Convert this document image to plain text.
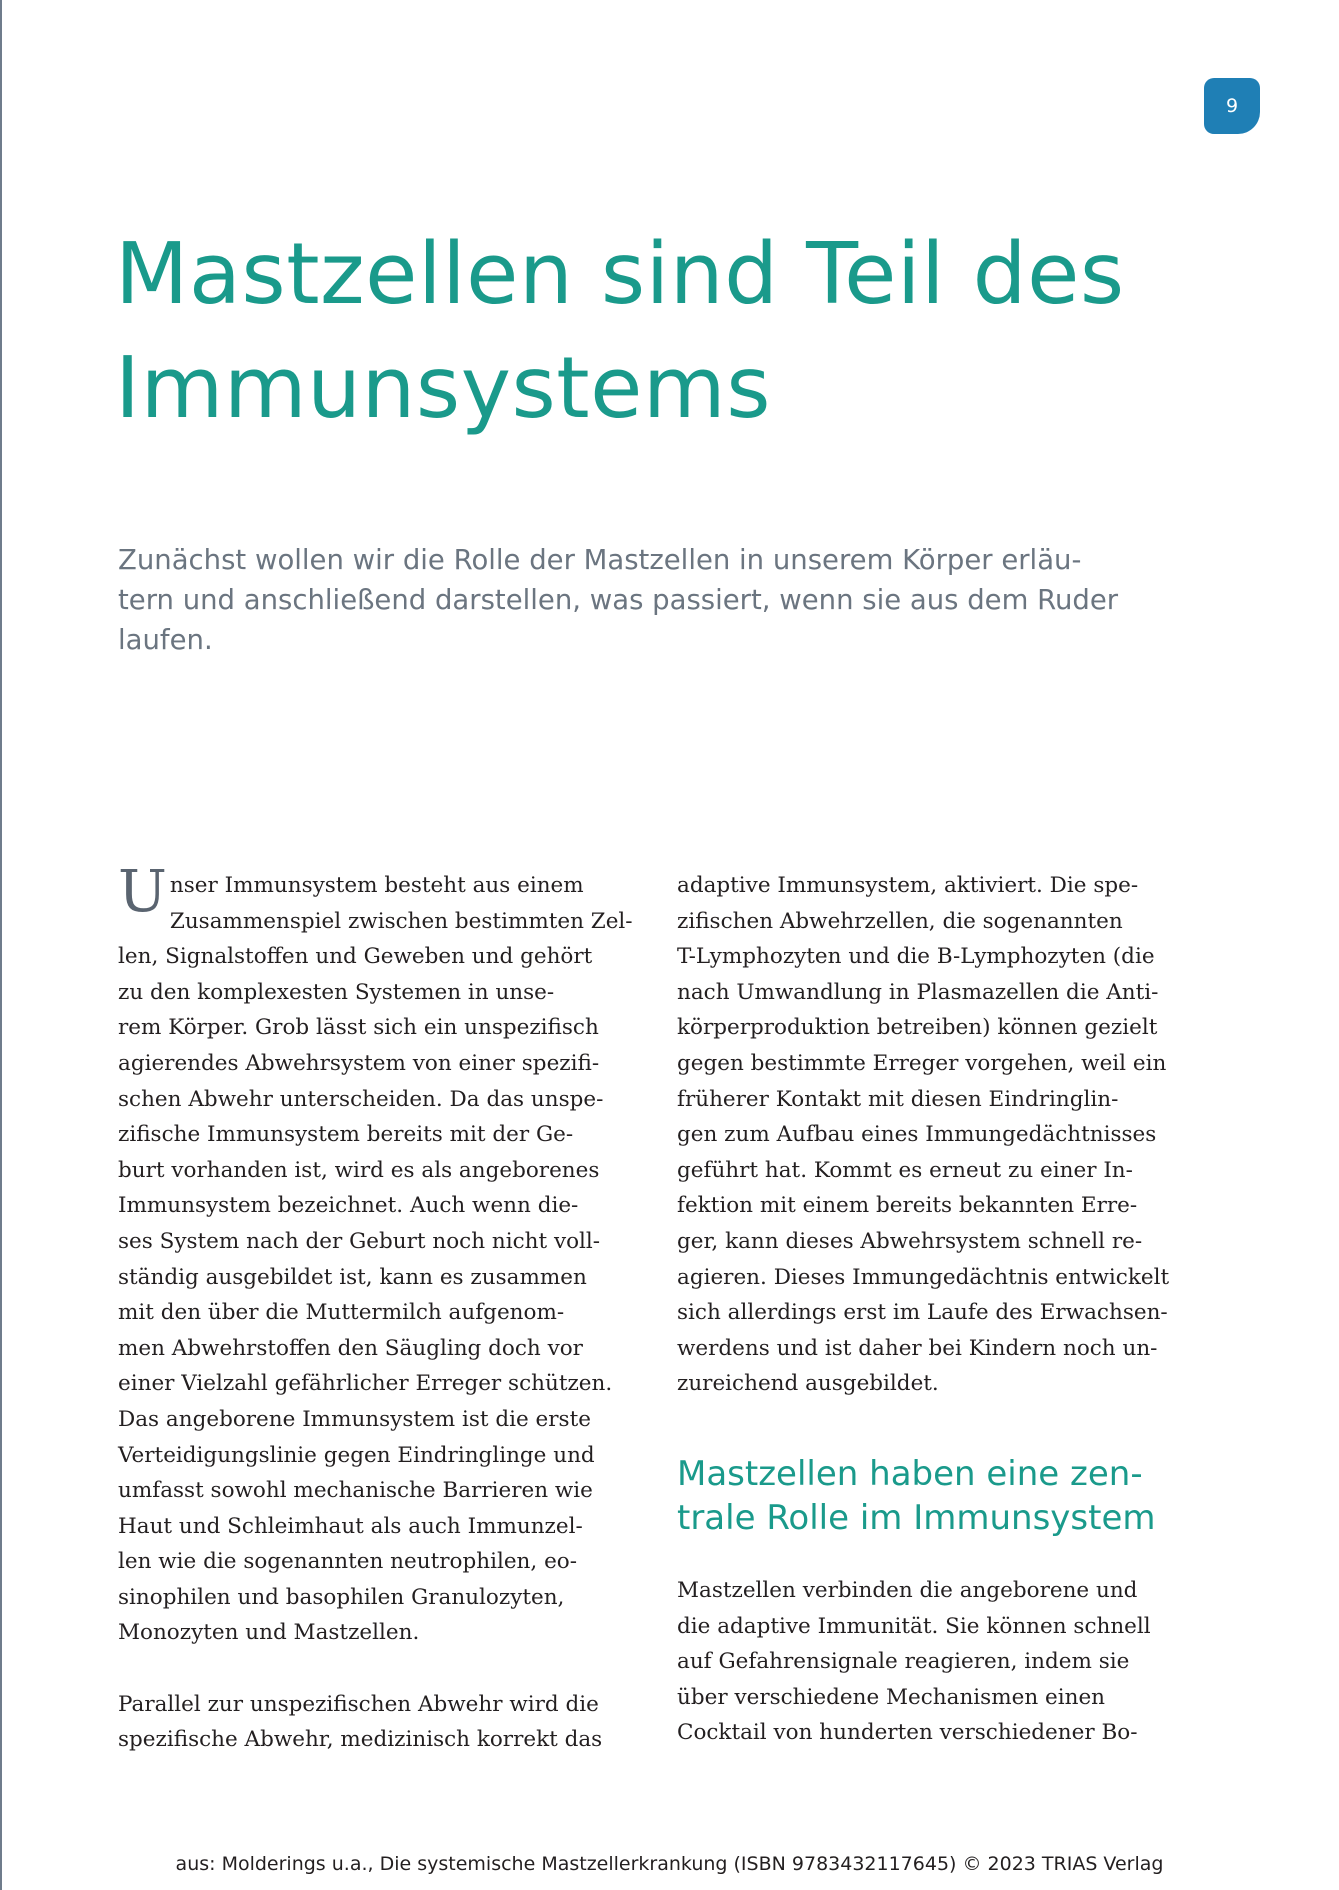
9
Mastzellen sind Teil des
Immunsystems

Zunächst wollen wir die Rolle der Mastzellen in unserem Körper erläu-
tern und anschließend darstellen, was passiert, wenn sie aus dem Ruder
laufen.

U nser Immunsystem besteht aus einem
Zusammenspiel zwischen bestimmten Zel-
len, Signalstoffen und Geweben und gehört
zu den komplexesten Systemen in unse-
rem Körper. Grob lässt sich ein unspezifisch
agierendes Abwehrsystem von einer spezifi-
schen Abwehr unterscheiden. Da das unspe-
zifische Immunsystem bereits mit der Ge-
burt vorhanden ist, wird es als angeborenes
Immunsystem bezeichnet. Auch wenn die-
ses System nach der Geburt noch nicht voll-
ständig ausgebildet ist, kann es zusammen
mit den über die Muttermilch aufgenom-
men Abwehrstoffen den Säugling doch vor
einer Vielzahl gefährlicher Erreger schützen.
Das angeborene Immunsystem ist die erste
Verteidigungslinie gegen Eindringlinge und
umfasst sowohl mechanische Barrieren wie
Haut und Schleimhaut als auch Immunzel-
len wie die sogenannten neutrophilen, eo-
sinophilen und basophilen Granulozyten,
Monozyten und Mastzellen.

Parallel zur unspezifischen Abwehr wird die
spezifische Abwehr, medizinisch korrekt das

adaptive Immunsystem, aktiviert. Die spe-
zifischen Abwehrzellen, die sogenannten
T-Lymphozyten und die B-Lymphozyten (die
nach Umwandlung in Plasmazellen die Anti-
körperproduktion betreiben) können gezielt
gegen bestimmte Erreger vorgehen, weil ein
früherer Kontakt mit diesen Eindringlin-
gen zum Aufbau eines Immungedächtnisses
geführt hat. Kommt es erneut zu einer In-
fektion mit einem bereits bekannten Erre-
ger, kann dieses Abwehrsystem schnell re-
agieren. Dieses Immungedächtnis entwickelt
sich allerdings erst im Laufe des Erwachsen-
werdens und ist daher bei Kindern noch un-
zureichend ausgebildet.

Mastzellen haben eine zen-
trale Rolle im Immunsystem

Mastzellen verbinden die angeborene und
die adaptive Immunität. Sie können schnell
auf Gefahrensignale reagieren, indem sie
über verschiedene Mechanismen einen
Cocktail von hunderten verschiedener Bo-

aus: Molderings u.a., Die systemische Mastzellerkrankung (ISBN 9783432117645) © 2023 TRIAS Verlag
